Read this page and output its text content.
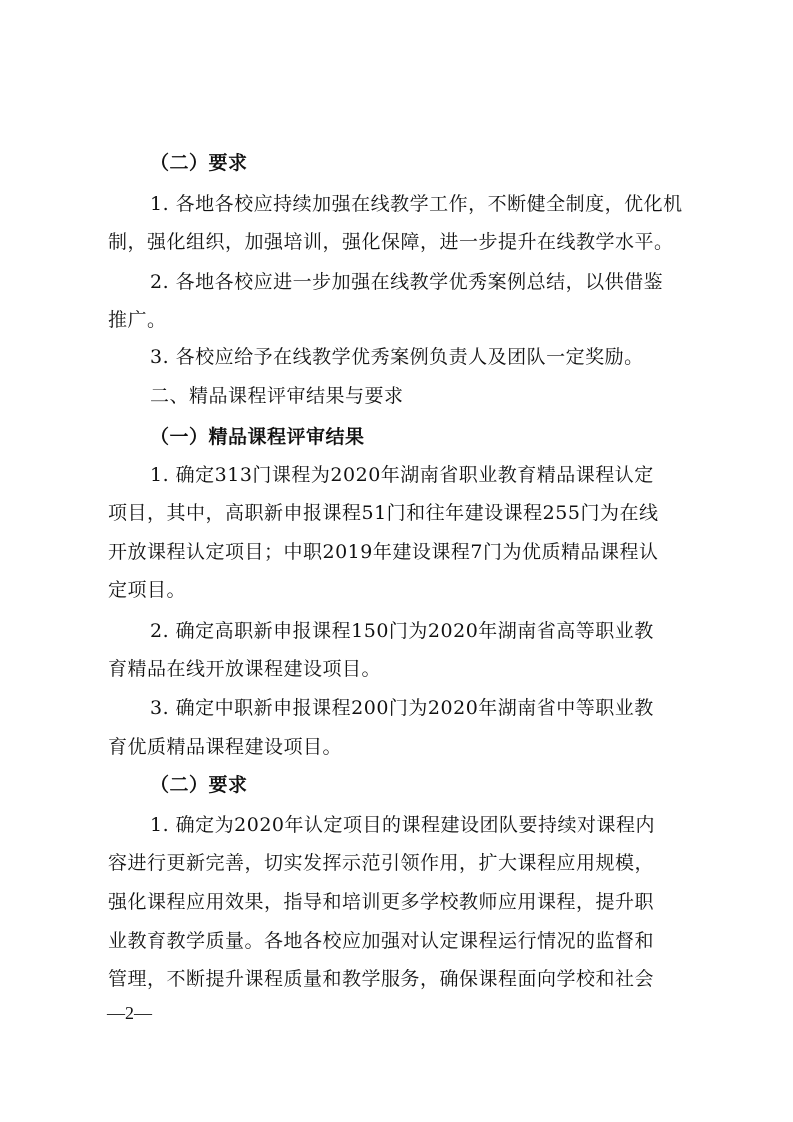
（二）要求
1. 各地各校应持续加强在线教学工作，不断健全制度，优化机
制，强化组织，加强培训，强化保障，进一步提升在线教学水平。
2. 各地各校应进一步加强在线教学优秀案例总结，以供借鉴
推广。
3. 各校应给予在线教学优秀案例负责人及团队一定奖励。
二、精品课程评审结果与要求
（一）精品课程评审结果
1. 确定313门课程为2020年湖南省职业教育精品课程认定
项目，其中，高职新申报课程51门和往年建设课程255门为在线
开放课程认定项目；中职2019年建设课程7门为优质精品课程认
定项目。
2. 确定高职新申报课程150门为2020年湖南省高等职业教
育精品在线开放课程建设项目。
3. 确定中职新申报课程200门为2020年湖南省中等职业教
育优质精品课程建设项目。
（二）要求
1. 确定为2020年认定项目的课程建设团队要持续对课程内
容进行更新完善，切实发挥示范引领作用，扩大课程应用规模，
强化课程应用效果，指导和培训更多学校教师应用课程，提升职
业教育教学质量。各地各校应加强对认定课程运行情况的监督和
管理，不断提升课程质量和教学服务，确保课程面向学校和社会
—2—
